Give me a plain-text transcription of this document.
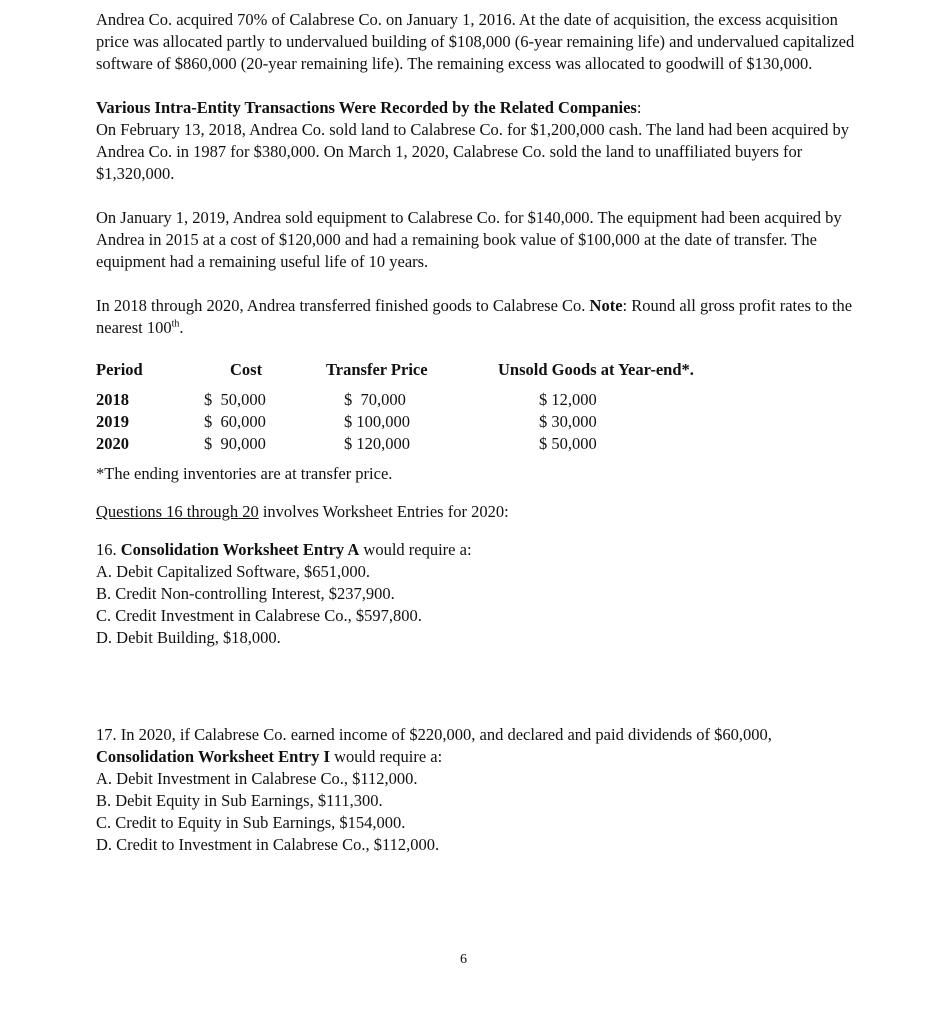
Andrea Co. acquired 70% of Calabrese Co. on January 1, 2016. At the date of acquisition, the excess acquisition price was allocated partly to undervalued building of $108,000 (6-year remaining life) and undervalued capitalized software of $860,000 (20-year remaining life). The remaining excess was allocated to goodwill of $130,000.

Various Intra-Entity Transactions Were Recorded by the Related Companies:

On February 13, 2018, Andrea Co. sold land to Calabrese Co. for $1,200,000 cash. The land had been acquired by Andrea Co. in 1987 for $380,000. On March 1, 2020, Calabrese Co. sold the land to unaffiliated buyers for $1,320,000.

On January 1, 2019, Andrea sold equipment to Calabrese Co. for $140,000. The equipment had been acquired by Andrea in 2015 at a cost of $120,000 and had a remaining book value of $100,000 at the date of transfer. The equipment had a remaining useful life of 10 years.

In 2018 through 2020, Andrea transferred finished goods to Calabrese Co. Note: Round all gross profit rates to the nearest 100th.

Period	Cost	Transfer Price	Unsold Goods at Year-end*.
2018	$  50,000	$  70,000	$ 12,000
2019	$  60,000	$ 100,000	$ 30,000
2020	$  90,000	$ 120,000	$ 50,000

*The ending inventories are at transfer price.

Questions 16 through 20 involves Worksheet Entries for 2020:

16. Consolidation Worksheet Entry A would require a:

A. Debit Capitalized Software, $651,000.

B. Credit Non-controlling Interest, $237,900.

C. Credit Investment in Calabrese Co., $597,800.

D. Debit Building, $18,000.

17. In 2020, if Calabrese Co. earned income of $220,000, and declared and paid dividends of $60,000, Consolidation Worksheet Entry I would require a:

A. Debit Investment in Calabrese Co., $112,000.

B. Debit Equity in Sub Earnings, $111,300.

C. Credit to Equity in Sub Earnings, $154,000.

D. Credit to Investment in Calabrese Co., $112,000.

6
